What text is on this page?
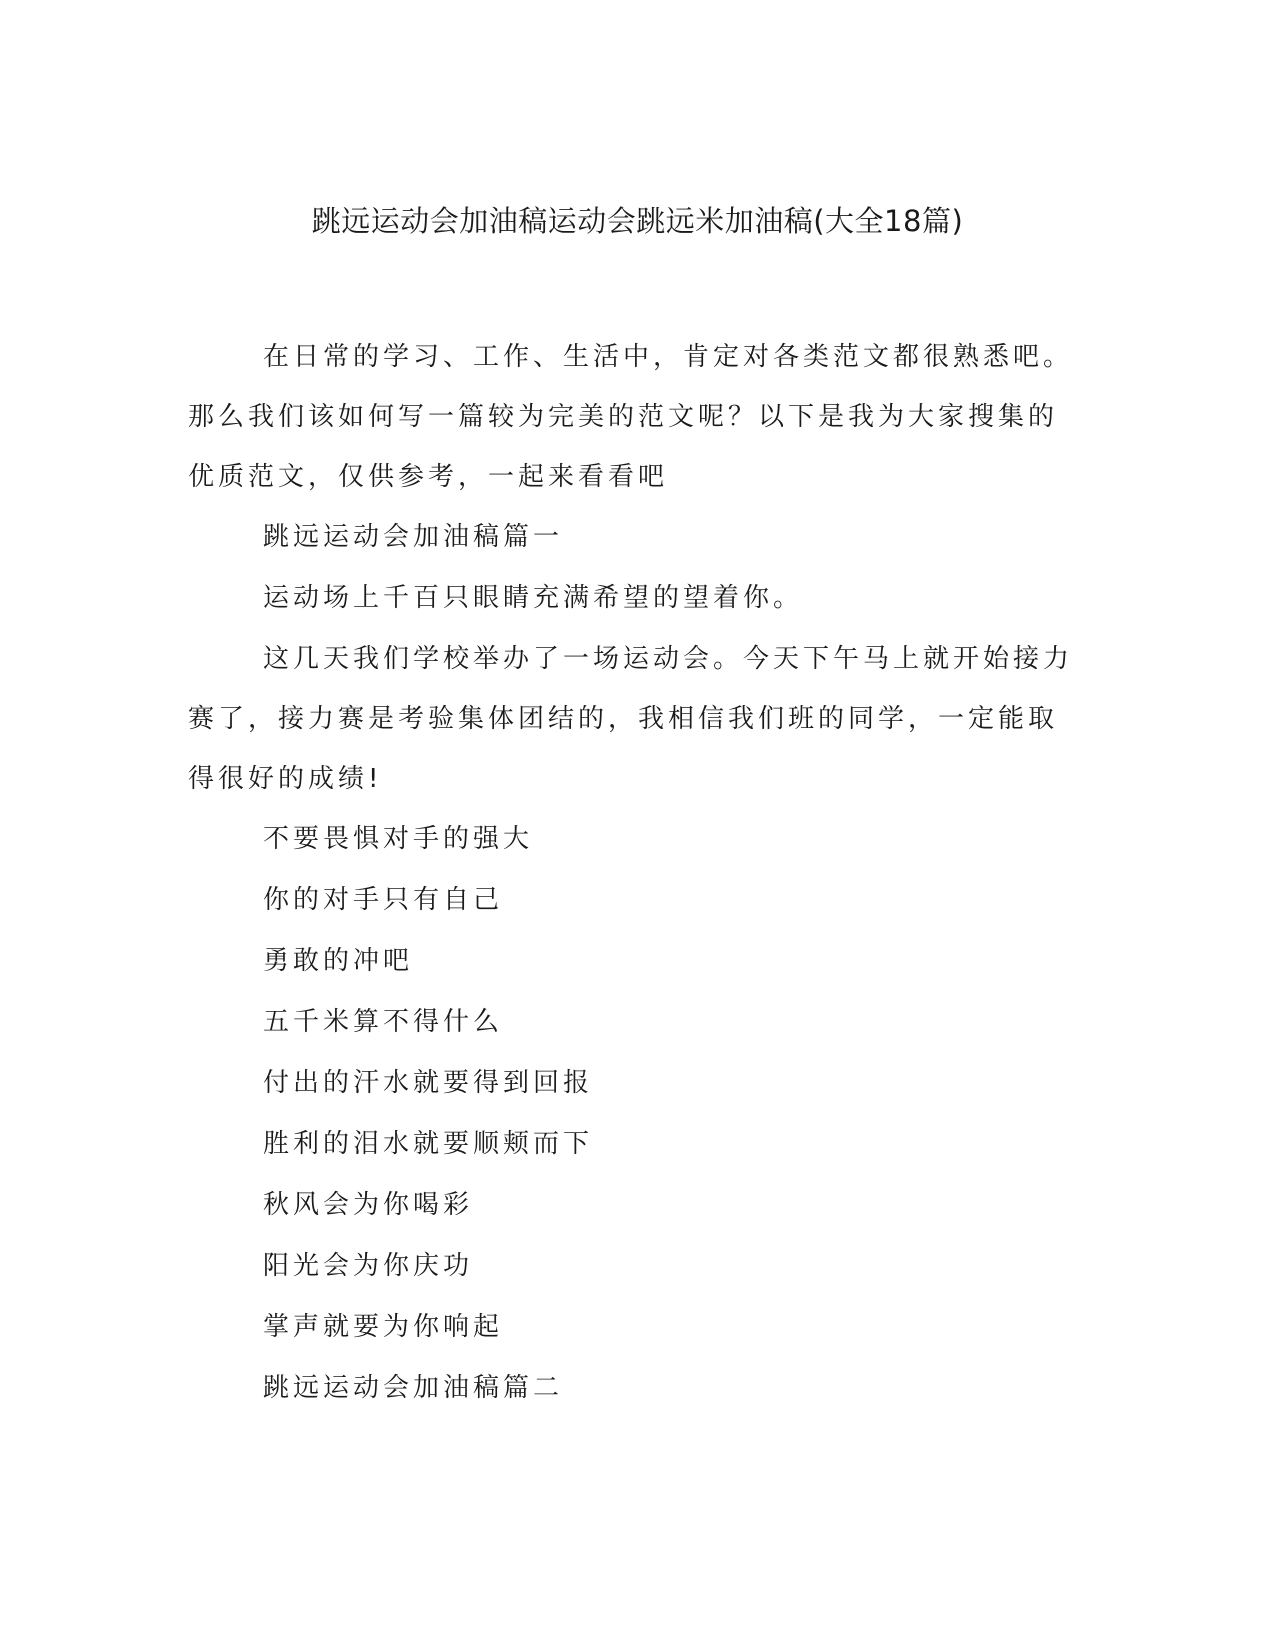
跳远运动会加油稿运动会跳远米加油稿(大全18篇)

在日常的学习、工作、生活中，肯定对各类范文都很熟悉吧。那么我们该如何写一篇较为完美的范文呢？以下是我为大家搜集的优质范文，仅供参考，一起来看看吧

跳远运动会加油稿篇一

运动场上千百只眼睛充满希望的望着你。

这几天我们学校举办了一场运动会。今天下午马上就开始接力赛了，接力赛是考验集体团结的，我相信我们班的同学，一定能取得很好的成绩!

不要畏惧对手的强大

你的对手只有自己

勇敢的冲吧

五千米算不得什么

付出的汗水就要得到回报

胜利的泪水就要顺颊而下

秋风会为你喝彩

阳光会为你庆功

掌声就要为你响起

跳远运动会加油稿篇二
